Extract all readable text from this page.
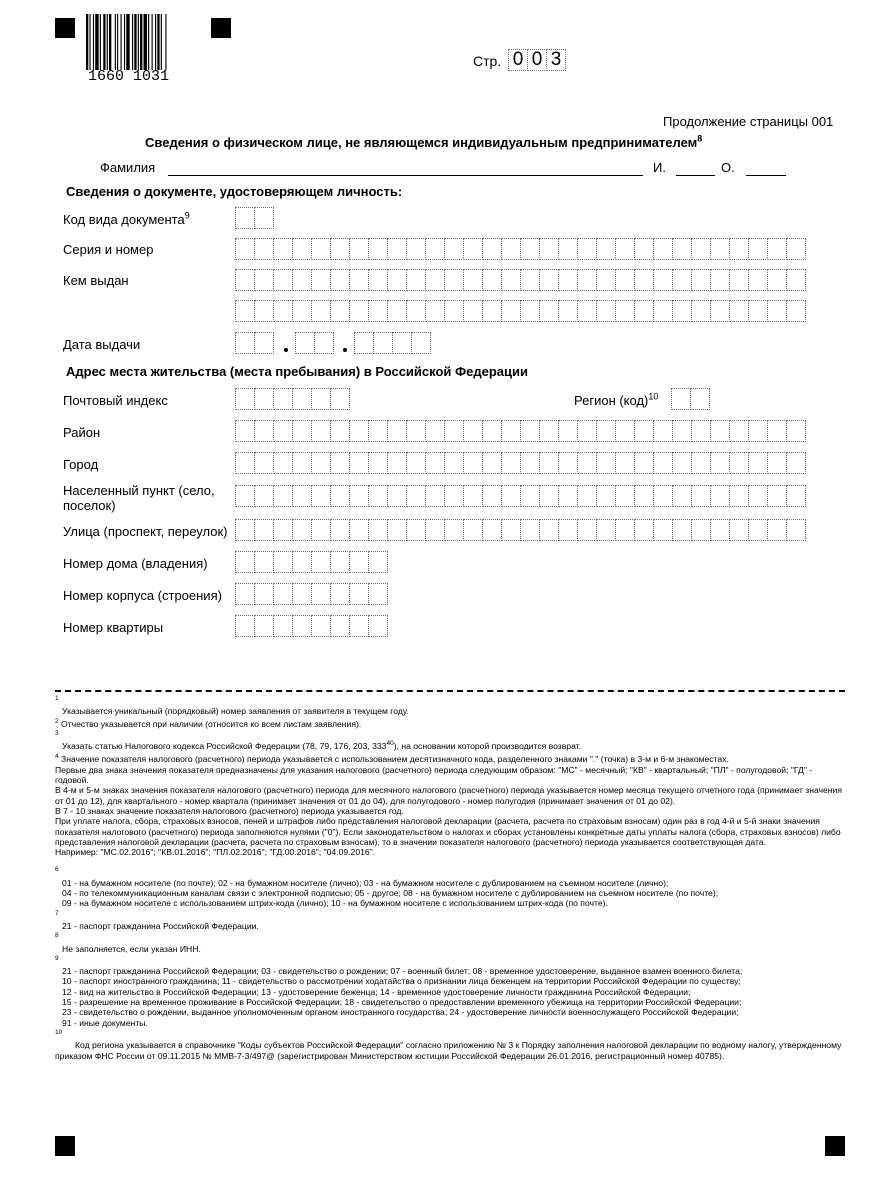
1660 1031
Стр. 0 0 3
Продолжение страницы 001
Сведения о физическом лице, не являющемся индивидуальным предпринимателем$^8$
Фамилия	И.	О.
Сведения о документе, удостоверяющем личность:
Код вида документа$^9$
Серия и номер
Кем выдан
Дата выдачи
Адрес места жительства (места пребывания) в Российской Федерации
Почтовый индекс	Регион (код)$^{10}$
Район
Город
Населенный пункт (село, поселок)
Улица (проспект, переулок)
Номер дома (владения)
Номер корпуса (строения)
Номер квартиры

$^1$

Указывается уникальный (порядковый) номер заявления от заявителя в текущем году.

$^2$ Отчество указывается при наличии (относится ко всем листам заявления).

$^3$

Указать статью Налогового кодекса Российской Федерации (78, 79, 176, 203, $333^{40}$), на основании которой производится возврат.

$^4$ Значение показателя налогового (расчетного) периода указывается с использованием десятизначного кода, разделенного знаками "." (точка) в 3-м и 6-м знакоместах.

Первые два знака значения показателя предназначены для указания налогового (расчетного) периода следующим образом: "МС" - месячный; "КВ" - квартальный; "ПЛ" - полугодовой; "ГД" - годовой.

В 4-м и 5-м знаках значения показателя налогового (расчетного) периода для месячного налогового (расчетного) периода указывается номер месяца текущего отчетного года (принимает значения от 01 до 12), для квартального - номер квартала (принимает значения от 01 до 04), для полугодового - номер полугодия (принимает значения от 01 до 02).

В 7 - 10 знаках значение показателя налогового (расчетного) периода указывается год.

При уплате налога, сбора, страховых взносов, пеней и штрафов либо представления налоговой декларации (расчета, расчета по страховым взносам) один раз в год 4-й и 5-й знаки значения показателя налогового (расчетного) периода заполняются нулями ("0"). Если законодательством о налогах и сборах установлены конкретные даты уплаты налога (сбора, страховых взносов) либо представления налоговой декларации (расчета, расчета по страховым взносам), то в значении показателя налогового (расчетного) периода указывается соответствующая дата.

Например: "МС.02.2016"; "КВ.01.2016"; "ПЛ.02.2016"; "ГД.00.2016"; "04.09.2016".

$^6$

01 - на бумажном носителе (по почте); 02 - на бумажном носителе (лично); 03 - на бумажном носителе с дублированием на съемном носителе (лично);

04 - по телекоммуникационным каналам связи с электронной подписью; 05 - другое; 08 - на бумажном носителе с дублированием на съемном носителе (по почте);

09 - на бумажном носителе с использованием штрих-кода (лично); 10 - на бумажном носителе с использованием штрих-кода (по почте).

$^7$

21 - паспорт гражданина Российской Федерации.

$^8$

Не заполняется, если указан ИНН.

$^9$

21 - паспорт гражданина Российской Федерации; 03 - свидетельство о рождении; 07 - военный билет; 08 - временное удостоверение, выданное взамен военного билета;

10 - паспорт иностранного гражданина; 11 - свидетельство о рассмотрении ходатайства о признании лица беженцем на территории Российской Федерации по существу;

12 - вид на жительство в Российской Федерации; 13 - удостоверение беженца; 14 - временное удостоверение личности гражданина Российской Федерации;

15 - разрешение на временное проживание в Российской Федерации; 18 - свидетельство о предоставлении временного убежища на территории Российской Федерации;

23 - свидетельство о рождении, выданное уполномоченным органом иностранного государства; 24 - удостоверение личности военнослужащего Российской Федерации;

91 - иные документы.

$^{10}$

Код региона указывается в справочнике "Коды субъектов Российской Федерации" согласно приложению № 3 к Порядку заполнения налоговой декларации по водному налогу, утвержденному приказом ФНС России от 09.11.2015 № ММВ-7-3/497@ (зарегистрирован Министерством юстиции Российской Федерации 26.01.2016, регистрационный номер 40785).
